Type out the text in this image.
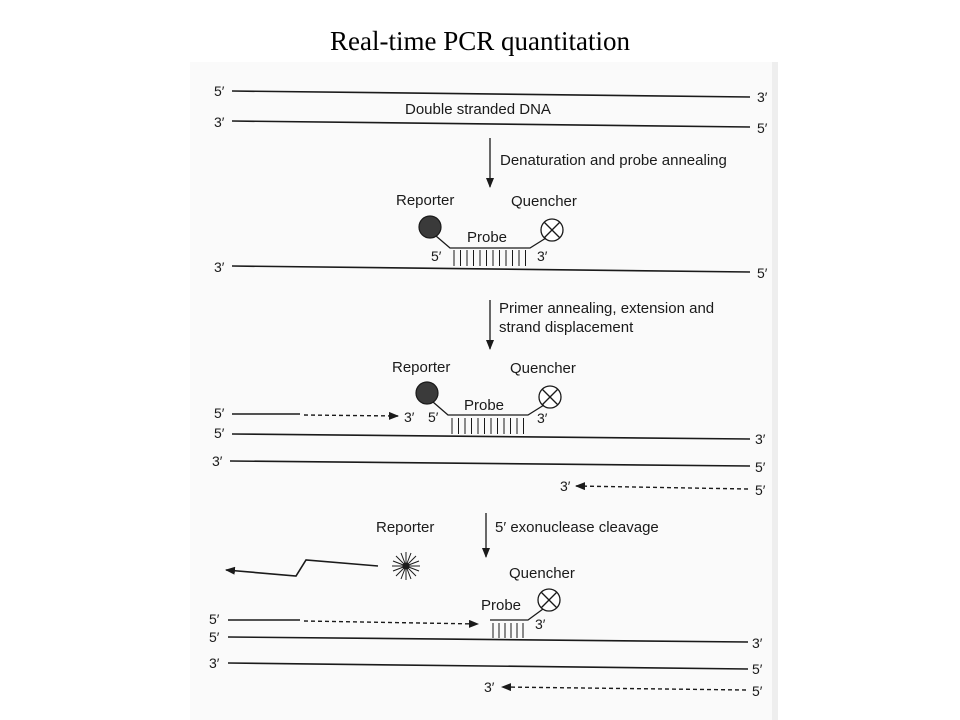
Real-time PCR quantitation
5′	3′
Double stranded DNA
3′	5′
Denaturation and probe annealing
Reporter	Quencher
Probe
5′	3′
3′	5′
Primer annealing, extension and
strand displacement
Reporter	Quencher
Probe
5′	3′ 5′	3′
5′	3′
3′	5′
3′	5′
5′ exonuclease cleavage
Reporter
Quencher
Probe
3′
5′
5′	3′
3′	5′
3′	5′
